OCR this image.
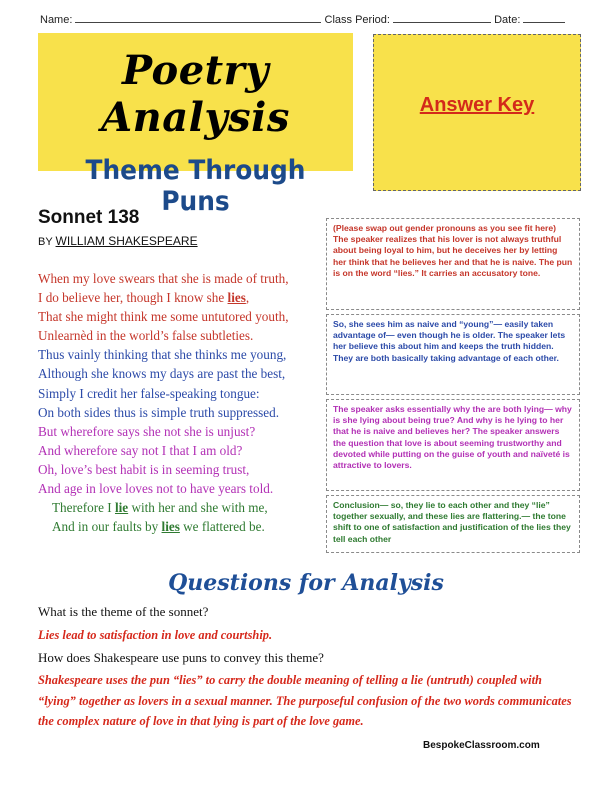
Name:	Class Period:	Date:
Poetry Analysis
Theme Through Puns
Answer Key
Sonnet 138
BY WILLIAM SHAKESPEARE
When my love swears that she is made of truth,
I do believe her, though I know she lies,
That she might think me some untutored youth,
Unlearnèd in the world’s false subtleties.
Thus vainly thinking that she thinks me young,
Although she knows my days are past the best,
Simply I credit her false-speaking tongue:
On both sides thus is simple truth suppressed.
But wherefore says she not she is unjust?
And wherefore say not I that I am old?
Oh, love’s best habit is in seeming trust,
And age in love loves not to have years told.
Therefore I lie with her and she with me,
And in our faults by lies we flattered be.

(Please swap out gender pronouns as you see fit here)

The speaker realizes that his lover is not always truthful about being loyal to him, but he deceives her by letting her think that he believes her and that he is naive. The pun is on the word “lies.” It carries an accusatory tone.

So, she sees him as naive and “young”— easily taken advantage of— even though he is older. The speaker lets her believe this about him and keeps the truth hidden. They are both basically taking advantage of each other.

The speaker asks essentially why the are both lying— why is she lying about being true? And why is he lying to her that he is naive and believes her? The speaker answers the question that love is about seeming trustworthy and devoted while putting on the guise of youth and naïveté is attractive to lovers.

Conclusion— so, they lie to each other and they “lie” together sexually, and these lies are flattering.— the tone shift to one of satisfaction and justification of the lies they tell each other

Questions for Analysis
What is the theme of the sonnet?
Lies lead to satisfaction in love and courtship.
How does Shakespeare use puns to convey this theme?
Shakespeare uses the pun “lies” to carry the double meaning of telling a lie (untruth) coupled with “lying” together as lovers in a sexual manner. The purposeful confusion of the two words communicates the complex nature of love in that lying is part of the love game.
BespokeClassroom.com
